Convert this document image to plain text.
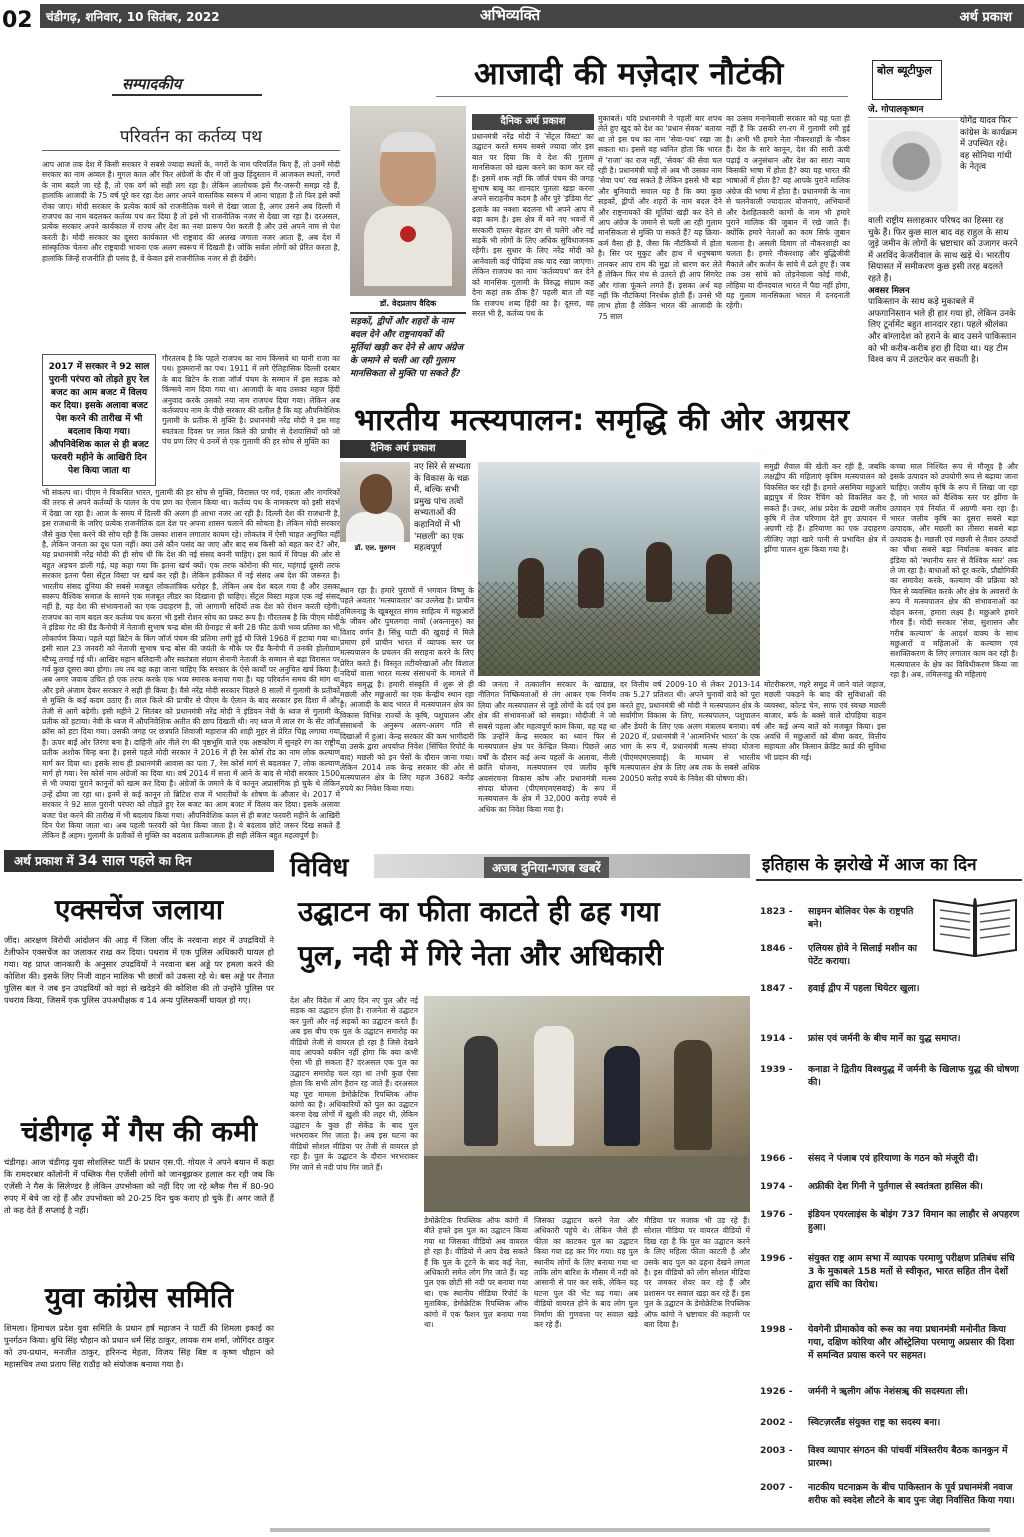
02	चंडीगढ़, शनिवार, 10 सितंबर, 2022	अभिव्यक्ति	अर्थ प्रकाश
सम्पादकीय
परिवर्तन का कर्तव्य पथ
आप आज तक देश में किसी सरकार ने सबसे ज्यादा स्थलों के, नगरों के नाम परिवर्तित किए हैं, तो उनमें मोदी सरकार का नाम अव्वल है। मुगल काल और फिर अंग्रेजों के दौर में जो कुछ हिंदुस्तान में आजकल स्थलों, नगरों के नाम बदले जा रहे हैं, तो एक वर्ग को सही लग रहा है। लेकिन आलोचक इसे गैर-जरूरी समझ रहे हैं, हालांकि आजादी के 75 वर्ष पूरे कर रहा देश अगर अपने वास्तविक स्वरूप में आना चाहता है तो फिर इसे क्यों रोका जाए। मोदी सरकार के प्रत्येक कार्य को राजनीतिक चश्मे से देखा जाता है, अगर उसने अब दिल्ली में राजपथ का नाम बदलकर कर्तव्य पथ कर दिया है तो इसे भी राजनीतिक नजर से देखा जा रहा है। दरअसल, प्रत्येक सरकार अपने कार्यकाल में राज्य और देश का नया प्रारूप पेश करती है और उसे अपने नाम से पेश करती है। मोदी सरकार का दूसरा कार्यकाल भी राष्ट्रवाद की अलख जगाता नजर आता है, अब देश में सांस्कृतिक चेतना और राष्ट्रवादी भावना एक अलग स्वरूप में दिखती है। जोकि सर्वतः लोगों को प्रेरित करता है, हालांकि जिन्हें राजनीति ही पसंद है, वे केवल इसे राजनीतिक नजर से ही देखेंगे।
2017 में सरकार ने 92 साल पुरानी परंपरा को तोड़ते हुए रेल बजट का आम बजट में विलय कर दिया। इसके अलावा बजट पेश करने की तारीख में भी बदलाव किया गया। औपनिवेशिक काल से ही बजट फरवरी महीने के आखिरी दिन पेश किया जाता था
गौरतलब है कि पहले राजपथ का नाम किंग्सवे था यानी राजा का पथ। हुक्मरानों का पथ। 1911 में लगे ऐतिहासिक दिल्ली दरबार के बाद ब्रिटेन के राजा जॉर्ज पंचम के सम्मान में इस सड़क को किंग्सवे नाम दिया गया था। आजादी के बाद उसका महज हिंदी अनुवाद करके उसको नया नाम राजपथ दिया गया। लेकिन अब कर्तव्यपथ नाम के पीछे सरकार की दलील है कि यह औपनिवेशिक गुलामी के प्रतीक से मुक्ति है। प्रधानमंत्री नरेंद्र मोदी ने इस माह स्वतंत्रता दिवस पर लाल किले की प्राचीर से देशवासियों को जो पंच प्रण लिए थे उनमें से एक गुलामी की हर सोच से मुक्ति का
भी संकल्प था। पीएम ने विकसित भारत, गुलामी की हर सोच से मुक्ति, विरासत पर गर्व, एकता और नागरिकों की तरफ से अपने कर्तव्यों के पालन के पंच प्रण का ऐलान किया था। कर्तव्य पथ के नामकरण को इसी संदर्भ में देखा जा रहा है। आज के समय में दिल्ली की अलग ही आभा नजर आ रही है। दिल्ली देश की राजधानी है, इस राजधानी के जरिए प्रत्येक राजनीतिक दल देश पर अपना शासन चलाने की सोचता है। लेकिन मोदी सरकार जैसे कुछ ऐसा करने की सोच रही है कि उसका शासन लगातार कायम रहे। लोकतंत्र में ऐसी चाहत अनुचित नहीं है, लेकिन जनता का दूध पता नहीं। क्या उसे कौन पसंद का जाए और बाद सब किसी को बहत कर दे? और, यह प्रधानमंत्री नरेंद्र मोदी की ही सोच थी कि देश की नई संसद बननी चाहिए। इस कार्य में विपक्ष की ओर से बहुत अड़चन डाली गई, यह कहा गया कि इतना खर्च क्यों। एक तरफ कोरोना की मार, महंगाई दूसरी तरफ सरकार इतना पैसा सेंट्रल विस्टा पर खर्च कर रही है। लेकिन हकीकत में नई संसद अब देश की जरूरत है। भारतीय संसद दुनिया की सबसे मजबूत लोकतांत्रिक धरोहर है, लेकिन अब देश बदल गया है और उसका स्वरूप वैश्विक समाज के सामने एक मजबूत लीडर का दिखाना ही चाहिए। सेंट्रल विस्टा महज एक नई संसद नहीं है, यह देश की संभावनाओं का एक उदाहरण है, जो आगामी सदियों तक देश को रोशन करती रहेगी। राजपथ का नाम बदल कर कर्तव्य पथ करना भी इसी रोशन सोच का प्रकट रूप है। गौरतलब है कि पीएम मोदी ने इंडिया गेट की ग्रैंड कैनोपी में नेताजी सुभाष चन्द्र बोस की ग्रेनाइट से बनी 28 फीट ऊंची भव्य प्रतिमा का भी लोकार्पण किया। पहले यहां ब्रिटेन के किंग जॉर्ज पंचम की प्रतिमा लगी हुई थी जिसे 1968 में हटाया गया था। इसी साल 23 जनवरी को नेताजी सुभाष चन्द्र बोस की जयंती के मौके पर ग्रैंड कैनोपी में उनकी होलोग्राम स्टैच्यू लगाई गई थी। आखिर महान बलिदानी और स्वतंत्रता संग्राम सेनानी नेताजी के सम्मान से बड़ा विरासत पर गर्व कुछ दूसरा क्या होगा। तय तय यह कहा जाना चाहिए कि सरकार के ऐसे कार्यों पर अनुचित खर्च किया है। अब अगर जवाब उचित हो एक तरफ करके एक भव्य स्मारक बनाया गया है। यह परिवर्तन समय की मांग था और इसे अंजाम देकर सरकार ने सही ही किया है। वैसे नरेंद्र मोदी सरकार पिछले 8 सालों में गुलामी के प्रतीकों से मुक्ति के कई कदम उठाए हैं। लाल किले की प्राचीर से पीएम के ऐलान के बाद सरकार इस दिशा में और तेजी से आगे बढ़ेगी। इसी महीने 2 सितंबर को प्रधानमंत्री नरेंद्र मोदी ने इंडियन नेवी के ध्वज से गुलामी के प्रतीक को हटाया। नेवी के ध्वज में औपनिवेशिक अतीत की छाप दिखती थी। नए ध्वज में लाल रंग के सेंट जॉर्ज क्रॉस को हटा दिया गया। उसकी जगह पर छत्रपति शिवाजी महाराज की शाही मुहर से प्रेरित चिह्न लगाया गया है। ऊपर बाईं ओर तिरंगा बना है। दाहिनी ओर नीले रंग की पृष्ठभूमि वाले एक अष्टकोण में सुनहरे रंग का राष्ट्रीय प्रतीक अशोक चिन्ह बना है। इससे पहले मोदी सरकार ने 2016 में ही रेस कोर्स रोड का नाम लोक कल्याण मार्ग कर दिया था। इसके साथ ही प्रधानमंत्री आवास का पता 7, रेस कोर्स मार्ग से बदलकर 7, लोक कल्याण मार्ग हो गया। रेस कोर्स नाम अंग्रेजों का दिया था। वर्ष 2014 में सत्ता में आने के बाद से मोदी सरकार 1500 से भी ज्यादा पुराने कानूनों को खत्म कर दिया है। अंग्रेजों के जमाने के ये कानून अप्रासंगिक हो चुके थे लेकिन उन्हें ढोया जा रहा था। इनमें से कई कानून तो ब्रिटिश राज में भारतीयों के शोषण के औजार थे। 2017 में सरकार ने 92 साल पुरानी परंपरा को तोड़ते हुए रेल बजट का आम बजट में विलय कर दिया। इसके अलावा बजट पेश करने की तारीख में भी बदलाव किया गया। औपनिवेशिक काल से ही बजट फरवरी महीने के आखिरी दिन पेश किया जाता था। अब पहली फरवरी को पेश किया जाता है। ये बदलाव छोटे जरूर दिख सकते हैं लेकिन हैं अहम। गुलामी के प्रतीकों से मुक्ति का बदलाव प्रतीकात्मक ही सही लेकिन बहुत महत्वपूर्ण है।
आजादी की मज़ेदार नौटंकी
डॉ. वेदप्रताप वैदिक
सड़कों, द्वीपों और शहरों के नाम बदल देने और राष्ट्रनायकों की मूर्तियां खड़ी कर देने से आप अंग्रेज के जमाने से चली आ रही गुलाम मानसिकता से मुक्ति पा सकते हैं?
दैनिक अर्थ प्रकाश
प्रधानमंत्री नरेंद्र मोदी ने 'सेंट्रल विस्टा' का उद्घाटन करते समय सबसे ज्यादा जोर इस बात पर दिया कि वे देश की गुलाम मानसिकता को खत्म करने का काम कर रहे हैं। इसमें शक नहीं कि जॉर्ज पंचम की जगह सुभाष बाबू का शानदार पुतला खड़ा करना अपने सराहनीय कदम है और पुरे 'इंडिया गेट' इलाके का नक्शा बदलना भी अपने आप में बड़ा काम है। इस क्षेत्र में बने नए भवनों में सरकारी दफ्तर बेहतर ढंग से चलेंगे और नई सड़कें भी लोगों के लिए अधिक सुविधाजनक रहेंगी। इस सुधार के लिए नरेंद्र मोदी को आनेवाली कई पीढ़ियां तक याद रखा जाएगा। लेकिन राजपथ का नाम 'कर्तव्यपथ' कर देने को मानसिक गुलामी के विरुद्ध संग्राम कह देना कहां तक ठीक है? पहली बात तो यह कि राजपथ शब्द हिंदी का है। दूसरा, वह सरल भी है, कर्तव्य पथ के
मुकाबले। यदि प्रधानमंत्री ने पहली बार शपथ लेते हुए खुद को देश का 'प्रधान सेवक' बताया था तो इस पथ का नाम 'सेवा-पथ' रखा जा सकता था। इससे यह ध्वनित होता कि भारत में 'राजा' का राज नहीं, 'सेवक' की सेवा चल रही है। प्रधानमंत्री चाहें तो अब भी उसका नाम 'सेवा पथ' रख सकते हैं लेकिन इससे भी बड़ा और बुनियादी सवाल यह है कि क्या कुछ सड़कों, द्वीपों और शहरों के नाम बदल देने और राष्ट्रनायकों की मूर्तियां खड़ी कर देने से आप अंग्रेज के जमाने से चली आ रही गुलाम मानसिकता से मुक्ति पा सकते हैं? यह क्रिया-कर्म वैसा ही है, जैसा कि नौटंकियों में होता है। सिर पर मुकुट और हाथ में धनुषबाण तानकर आप राम की मुद्रा तो धारण कर लेते हैं लेकिन फिर मंच से उतरते ही आप सिगरेट और गांजा फूंकने लगते हैं। इसका अर्थ यह नहीं कि नौटंकियां निरर्थक होती हैं। उनसे भी लाभ होता है लेकिन भारत की आजादी के 75 साल
का उत्सव मनानेवाली सरकार को यह पता ही नहीं है कि उसकी रग-रग में गुलामी रमी हुई है। अभी भी हमारे नेता नौकरशाहों के नौकर हैं। देश के सारे कानून, देश की सारी ऊंची पढ़ाई व अनुसंधान और देश का सारा न्याय किसकी भाषा में होता है? क्या यह भारत की भाषाओं में होता है? यह आपके पुराने मालिक अंग्रेज की भाषा में होता है। प्रधानमंत्री के नाम से चलनेवाली ज्यादातर योजनाएं, अभियानों और देशहितकारी कामों के नाम भी हमारे पुराने मालिक की जुबान में रखे जाते हैं। क्योंकि हमारे नेताओं का काम सिर्फ जुबान चलाना है। असली दिमाग तो नौकरशाही का चलता है। हमारे नौकरशाह और बुद्धिजीवी मैकाले और कर्जन के सांचे में ढले हुए हैं। जब तक उस सांचे को तोड़नेवाला कोई गांधी, लोहिया या दीनदयाल भारत में पैदा नहीं होगा, यह गुलाम मानसिकता भारत में दनदनाती रहेगी।
बोल ब्यूटीफुल
जे. गोपालकृष्णन
योगेंद्र यादव फिर कांग्रेस के कार्यक्रम में उपस्थित रहे। वह सोनिया गांधी के नेतृत्व
वाली राष्ट्रीय सलाहकार परिषद का हिस्सा रह चुके हैं। फिर कुछ साल बाद वह राहुल के साथ जुड़े जमीन के लोगों के भ्रष्टाचार को उजागर करने में अरविंद केजरीवाल के साथ खड़े थे। भारतीय सियासत में समीकरण कुछ इसी तरह बदलते रहते हैं।
अवसर मिलन
पाकिस्तान के साथ कड़े मुकाबले में अफगानिस्तान भले ही हार गया हो, लेकिन उनके लिए टूर्नामेंट बहुत शानदार रहा। पहले श्रीलंका और बांग्लादेश को हराने के बाद उसने पाकिस्तान को भी करीब-करीब हरा ही दिया था। यह टीम विश्व कप में उलटफेर कर सकती है।
भारतीय मत्स्यपालन: समृद्धि की ओर अग्रसर
दैनिक अर्थ प्रकाश
डॉ. एल. मुरुगन
नए सिरे से सभ्यता के विकास के चक्र में, बल्कि सभी प्रमुख पांच तत्वों सभ्यताओं की कहानियों में भी 'मछली' का एक महत्वपूर्ण
स्थान रहा है। हमारे पुराणों में भगवान विष्णु के पहले अवतार 'मत्स्यावतार' का उल्लेख है। प्राचीन तमिलनाडु के खूबसूरत संगम साहित्य में मछुआरों के जीवन और पुमलगदा नायों (अकनानुरु) का विशद वर्णन है। सिंधु घाटी की खुदाई में मिले प्रमाण हमें प्राचीन भारत में व्यापक स्तर पर मत्स्यपालन के प्रचलन की सराहना करने के लिए प्रेरित करते हैं। विस्तृत तटीयरेखाओं और विशाल नदियों वाला भारत मत्स्य संसाधनों के मामले में बेहद समृद्ध है। हमारी संस्कृति में शुरू से ही मछली और मछुआरों का एक केन्द्रीय स्थान रहा है। आजादी के बाद भारत में मत्स्यपालन क्षेत्र का विकास विभिन्न राज्यों के कृषि, पशुपालन और संसाधनों के अनुरूप अलग-अलग गति से दिखाओं में हुआ। केन्द्र सरकार की कम भागीदारी या उसके द्वारा अपर्याप्त निवेश (सिंचित रिपोर्ट के बाद) मछली को इन पेंसों के दौरान जाना गया। लेकिन 2014 तक केन्द्र सरकार की ओर से मत्स्यपालन क्षेत्र के लिए महज 3682 करोड़ रुपये का निवेश किया गया।
समुद्री शैवाल की खेती कर रही हैं, जबकि लक्षद्वीप की महिलाएं कृत्रिम मत्स्यपालन को विकसित कर रही हैं। हमारे असमिया मछुआरे ब्रह्मपुत्र में रिवर रैंचिंग को विकसित कर सकते हैं। उधर, आंध्र प्रदेश के उद्यमी जलीय कृषि में तेज परिणाम देते हुए उत्पादन में अग्रणी रहे हैं। हरियाणा का एक उदाहरण लीजिए जहां खारे पानी से प्रभावित क्षेत्र में झींगा पालन शुरू किया गया है।
की जनता ने तत्कालीन सरकार के खाद्यान्न, नीतिगत निष्क्रियताओं से तंग आकर एक निर्णय लिया और मत्स्यपालन से जुड़े लोगों के दर्द एवं इस क्षेत्र की संभावनाओं को समझा। मोदीजी ने जो सबसे पहला और महत्वपूर्ण काम किया, वह यह था कि उन्होंने केन्द्र सरकार का ध्यान फिर से मत्स्यपालन क्षेत्र पर केन्द्रित किया। पिछले आठ वर्षों के दौरान कई अन्य पहलों के अलावा, नीली क्रांति योजना, मत्स्यपालन एवं जलीय कृषि अवसंरचना विकास कोष और प्रधानमंत्री मत्स्य संपदा योजना (पीएमएमएसवाई) के रूप में मत्स्यपालन के क्षेत्र में 32,000 करोड़ रुपये से अधिक का निवेश किया गया है।
दर वित्तीय वर्ष 2009-10 से लेकर 2013-14 तक 5.27 प्रतिशत थी। अपने चुनावों वादे को पूरा करते हुए, प्रधानमंत्री श्री मोदी ने मत्स्यपालन क्षेत्र के सर्वांगीण विकास के लिए, मत्स्यपालन, पशुपालन और डेयरी के लिए एक अलग मंत्रालय बनाया। वर्ष 2020 में, प्रधानमंत्री ने 'आत्मनिर्भर भारत' के एक भाग के रूप में, प्रधानमंत्री मत्स्य संपदा योजना (पीएमएमएसवाई) के माध्यम से भारतीय मत्स्यपालन क्षेत्र के लिए अब तक के सबसे अधिक 20050 करोड़ रुपये के निवेश की घोषणा की।
मोटरीकरण, गहरे समुद्र में जाने वाले जहाज, मछली पकड़ने के बाद की सुविधाओं की व्यवस्था, कोल्ड चेन, साफ एवं स्वच्छ मछली बाजार, बर्फ के बक्से वाले दोपहिया वाहन और कई अन्य बातें को मजबूत किया। इस अवधि में मछुआरों को बीमा कवर, वित्तीय सहायता और किसान क्रेडिट कार्ड की सुविधा भी प्रदान की गई।
कच्चा माल निश्चित रूप से मौजूद है और इसके उत्पादन को उपयोगी रूप से बढ़ाया जाना चाहिए। जलीय कृषि के रूप में लिखा जा रहा है, जो भारत को वैश्विक स्तर पर झींगा के उत्पादन एवं निर्यात में अग्रणी बना रहा है। भारत जलीय कृषि का दूसरा सबसे बड़ा उत्पादक, और मछली का तीसरा सबसे बड़ा उत्पादक है। मछली एवं मछली से तैयार उत्पादों का चौथा सबसे बड़ा निर्यातक बनकर ब्रांड इंडिया को 'स्थानीय स्तर से वैश्विक स्तर' तक ले जा रहा है। बाधाओं को दूर करके, प्रौद्योगिकी का समावेश करके, कल्याण की प्रक्रिया को फिर से व्यवस्थित करके और क्षेत्र के अवसरों के रूप में मत्स्यपालन क्षेत्र की संभावनाओं का दोहन करना, हमारा लक्ष्य है। मछुआरे हमारे गौरव हैं। मोदी सरकार 'सेवा, सुशासन और गरीब कल्याण' के आदर्श वाक्य के साथ मछुआरों व महिलाओं के कल्याण एवं सशक्तिकरण के लिए लगातार काम कर रही है। मत्स्यपालन के क्षेत्र का विविधीकरण किया जा रहा है। अब, तमिलनाडु की महिलाएं
अर्थ प्रकाश में 34 साल पहले का दिन
एक्सचेंज जलाया
जींद। आरक्षण विरोधी आंदोलन की आड़ में जिला जींद के नरवाना शहर में उपद्रवियों ने टेलीफोन एक्सचेंज का जलाकर राख कर दिया। पथराव में एक पुलिस अधिकारी घायल हो गया। यह प्राप्त जानकारी के अनुसार उपद्रवियों ने नरवाना बस अड्डे पर हमला करने की कोशिश की। इसके लिए निजी वाहन मालिक भी छात्रों को उकसा रहे थे। बस अड्डे पर तैनात पुलिस बल ने जब इन उपद्रवियों को वहां से खदेड़ने की कोशिश की तो उन्होंने पुलिस पर पथराव किया, जिसमें एक पुलिस उपअधीक्षक व 14 अन्य पुलिसकर्मी घायल हो गए।
चंडीगढ़ में गैस की कमी
चंडीगढ़। आज चंडीगढ़ युवा सोशलिस्ट पार्टी के प्रधान एस.पी. गोयल ने अपने बयान में कहा कि रामदरबार कॉलोनी में पब्लिक गैस एजेंसी लोगों को जानबूझकर हलाल कर रही जब कि एजेंसी ने गैस के सिलेण्डर है लेकिन उपभोक्ता को नहीं दिए जा रहे ब्लैक गैस में 80-90 रुपए में बेचे जा रहे हैं और उपभोक्ता को 20-25 दिन चुक कराए हो चुके हैं। अगर जाते हैं तो कह देते हैं सप्लाई है नहीं।
युवा कांग्रेस समिति
शिमला। हिमाचल प्रदेश युवा समिति के प्रधान हर्ष महाजन ने पार्टी की शिमला इकाई का पुनर्गठन किया। बुधि सिंह चौहान को प्रधान धर्म सिंह ठाकुर, लायक राम शर्मा, जोगिंदर ठाकुर को उप-प्रधान, मनजीत ठाकुर, हरिनन्द मेहता, विजय सिंह बिष्ट व कृष्ण चौहान को महासचिव तथा प्रताप सिंह राठौड़ को संयोजक बनाया गया है।
विविध	अजब दुनिया-गजब खबरें
उद्घाटन का फीता काटते ही ढह गया
पुल, नदी में गिरे नेता और अधिकारी
देश और विदेश में आए दिन नए पुल और नई सड़क का उद्घाटन होता है। राजनेता से उद्घाटन कर पुलों और नई सड़कों का उद्घाटन करते हैं। अब इस बीच एक पुल के उद्घाटन समारोह का वीडियो तेजी से वायरल हो रहा है जिसे देखने वाद आपको यकीन नहीं होगा कि क्या कभी ऐसा भी हो सकता है? दरअसल एक पुल का उद्घाटन समारोह चल रहा था तभी कुछ ऐसा होता कि सभी लोग हैरान रह जाते हैं। दरअसल यह पूरा मामला डेमोक्रेटिक रिपब्लिक ऑफ कांगो का है। अधिकारियों को पुल का उद्घाटन करना देख लोगों में खुशी की लहर थी, लेकिन उद्घाटन के कुछ ही सेकेंड के बाद पुल भरभराकर गिर जाता है। अब इस घटना का वीडियो सोशल मीडिया पर तेजी से वायरल हो रहा है। पुल के उद्घाटन के दौरान भरभराकर गिर जाने से नदी पांच गिर जाते हैं।
डेमोक्रेटिक रिपब्लिक ऑफ कांगो में बीते हफ्ते इस पुल का उद्घाटन किया गया था जिसका वीडियो अब वायरल हो रहा है। वीडियो में आप देख सकते हैं कि पुल के टूटने के बाद कई नेता, अधिकारी समेत लोग गिर जाते हैं। यह पुल एक छोटी सी नदी पर बनाया गया था। एक स्थानीय मीडिया रिपोर्ट के मुताबिक, डेमोक्रेटिक रिपब्लिक ऑफ कांगो में एक फैशन पुल बनाया गया था।
जिसका उद्घाटन करने नेता और अधिकारी पहुंचे थे। लेकिन जैसे ही फीता का काटकर पुल का उद्घाटन किया गया ढह कर गिर गया। यह पुल स्थानीय लोगों के लिए बनाया गया था ताकि लोग बारिश के मौसम में नदी को आसानी से पार कर सकें, लेकिन यह घटना पुल की भेंट चढ़ गया। अब वीडियो वायरल होने के बाद लोग पुल निर्माण की गुणवत्ता पर सवाल खड़े कर रहे हैं।
मीडिया पर मजाक भी उड़ रहे हैं। सोशल मीडिया पर वायरल वीडियो में दिख रहा है कि पुल का उद्घाटन करने के लिए महिला फीता काटती है और उसके बाद पुल का ढहना देखने लगता है। इस वीडियो को लोग सोशल मीडिया पर जमकर शेयर कर रहे हैं और प्रशासन पर सवाल खड़ा कर रहे हैं। इस पुल के उद्घाटन के डेमोक्रेटिक रिपब्लिक ऑफ कांगो ने भ्रष्टाचार की कहानी पर बता दिया है।
इतिहास के झरोखे में आज का दिन
1823 -	साइमन बोलिवर पेरू के राष्ट्रपति बने।
1846 -	एलियस होवे ने सिलाई मशीन का पेटेंट कराया।
1847 -	हवाई द्वीप में पहला थियेटर खुला।
1914 -	फ्रांस एवं जर्मनी के बीच मार्ने का युद्ध समाप्त।
1939 -	कनाडा ने द्वितीय विश्वयुद्ध में जर्मनी के खिलाफ युद्ध की घोषणा की।
1966 -	संसद ने पंजाब एवं हरियाणा के गठन को मंजूरी दी।
1974 -	अफ्रीकी देश गिनी ने पुर्तगाल से स्वतंत्रता हासिल की।
1976 -	इंडियन एयरलाइंस के बोइंग 737 विमान का लाहौर से अपहरण हुआ।
1996 -	संयुक्त राष्ट्र आम सभा में व्यापक परमाणु परीक्षण प्रतिबंध संधि 3 के मुकाबले 158 मतों से स्वीकृत, भारत सहित तीन देशों द्वारा संधि का विरोध।
1998 -	येवगेनी प्रीमाकोव को रूस का नया प्रधानमंत्री मनोनीत किया गया, दक्षिण कोरिया और ऑस्ट्रेलिया परमाणु अप्रसार की दिशा में समन्वित प्रयास करने पर सहमत।
1926 -	जर्मनी ने ॠलीग ऑफ नेशंसॠ की सदस्यता ली।
2002 -	स्विटज़रलैंड संयुक्त राष्ट्र का सदस्य बना।
2003 -	विश्व व्यापार संगठन की पांचवीं मंत्रिस्तरीय बैठक कानकुन में प्रारम्भ।
2007 -	नाटकीय घटनाक्रम के बीच पाकिस्तान के पूर्व प्रधानमंत्री नवाज शरीफ को स्वदेश लौटने के बाद पुनः जेद्दा निर्वासित किया गया।
